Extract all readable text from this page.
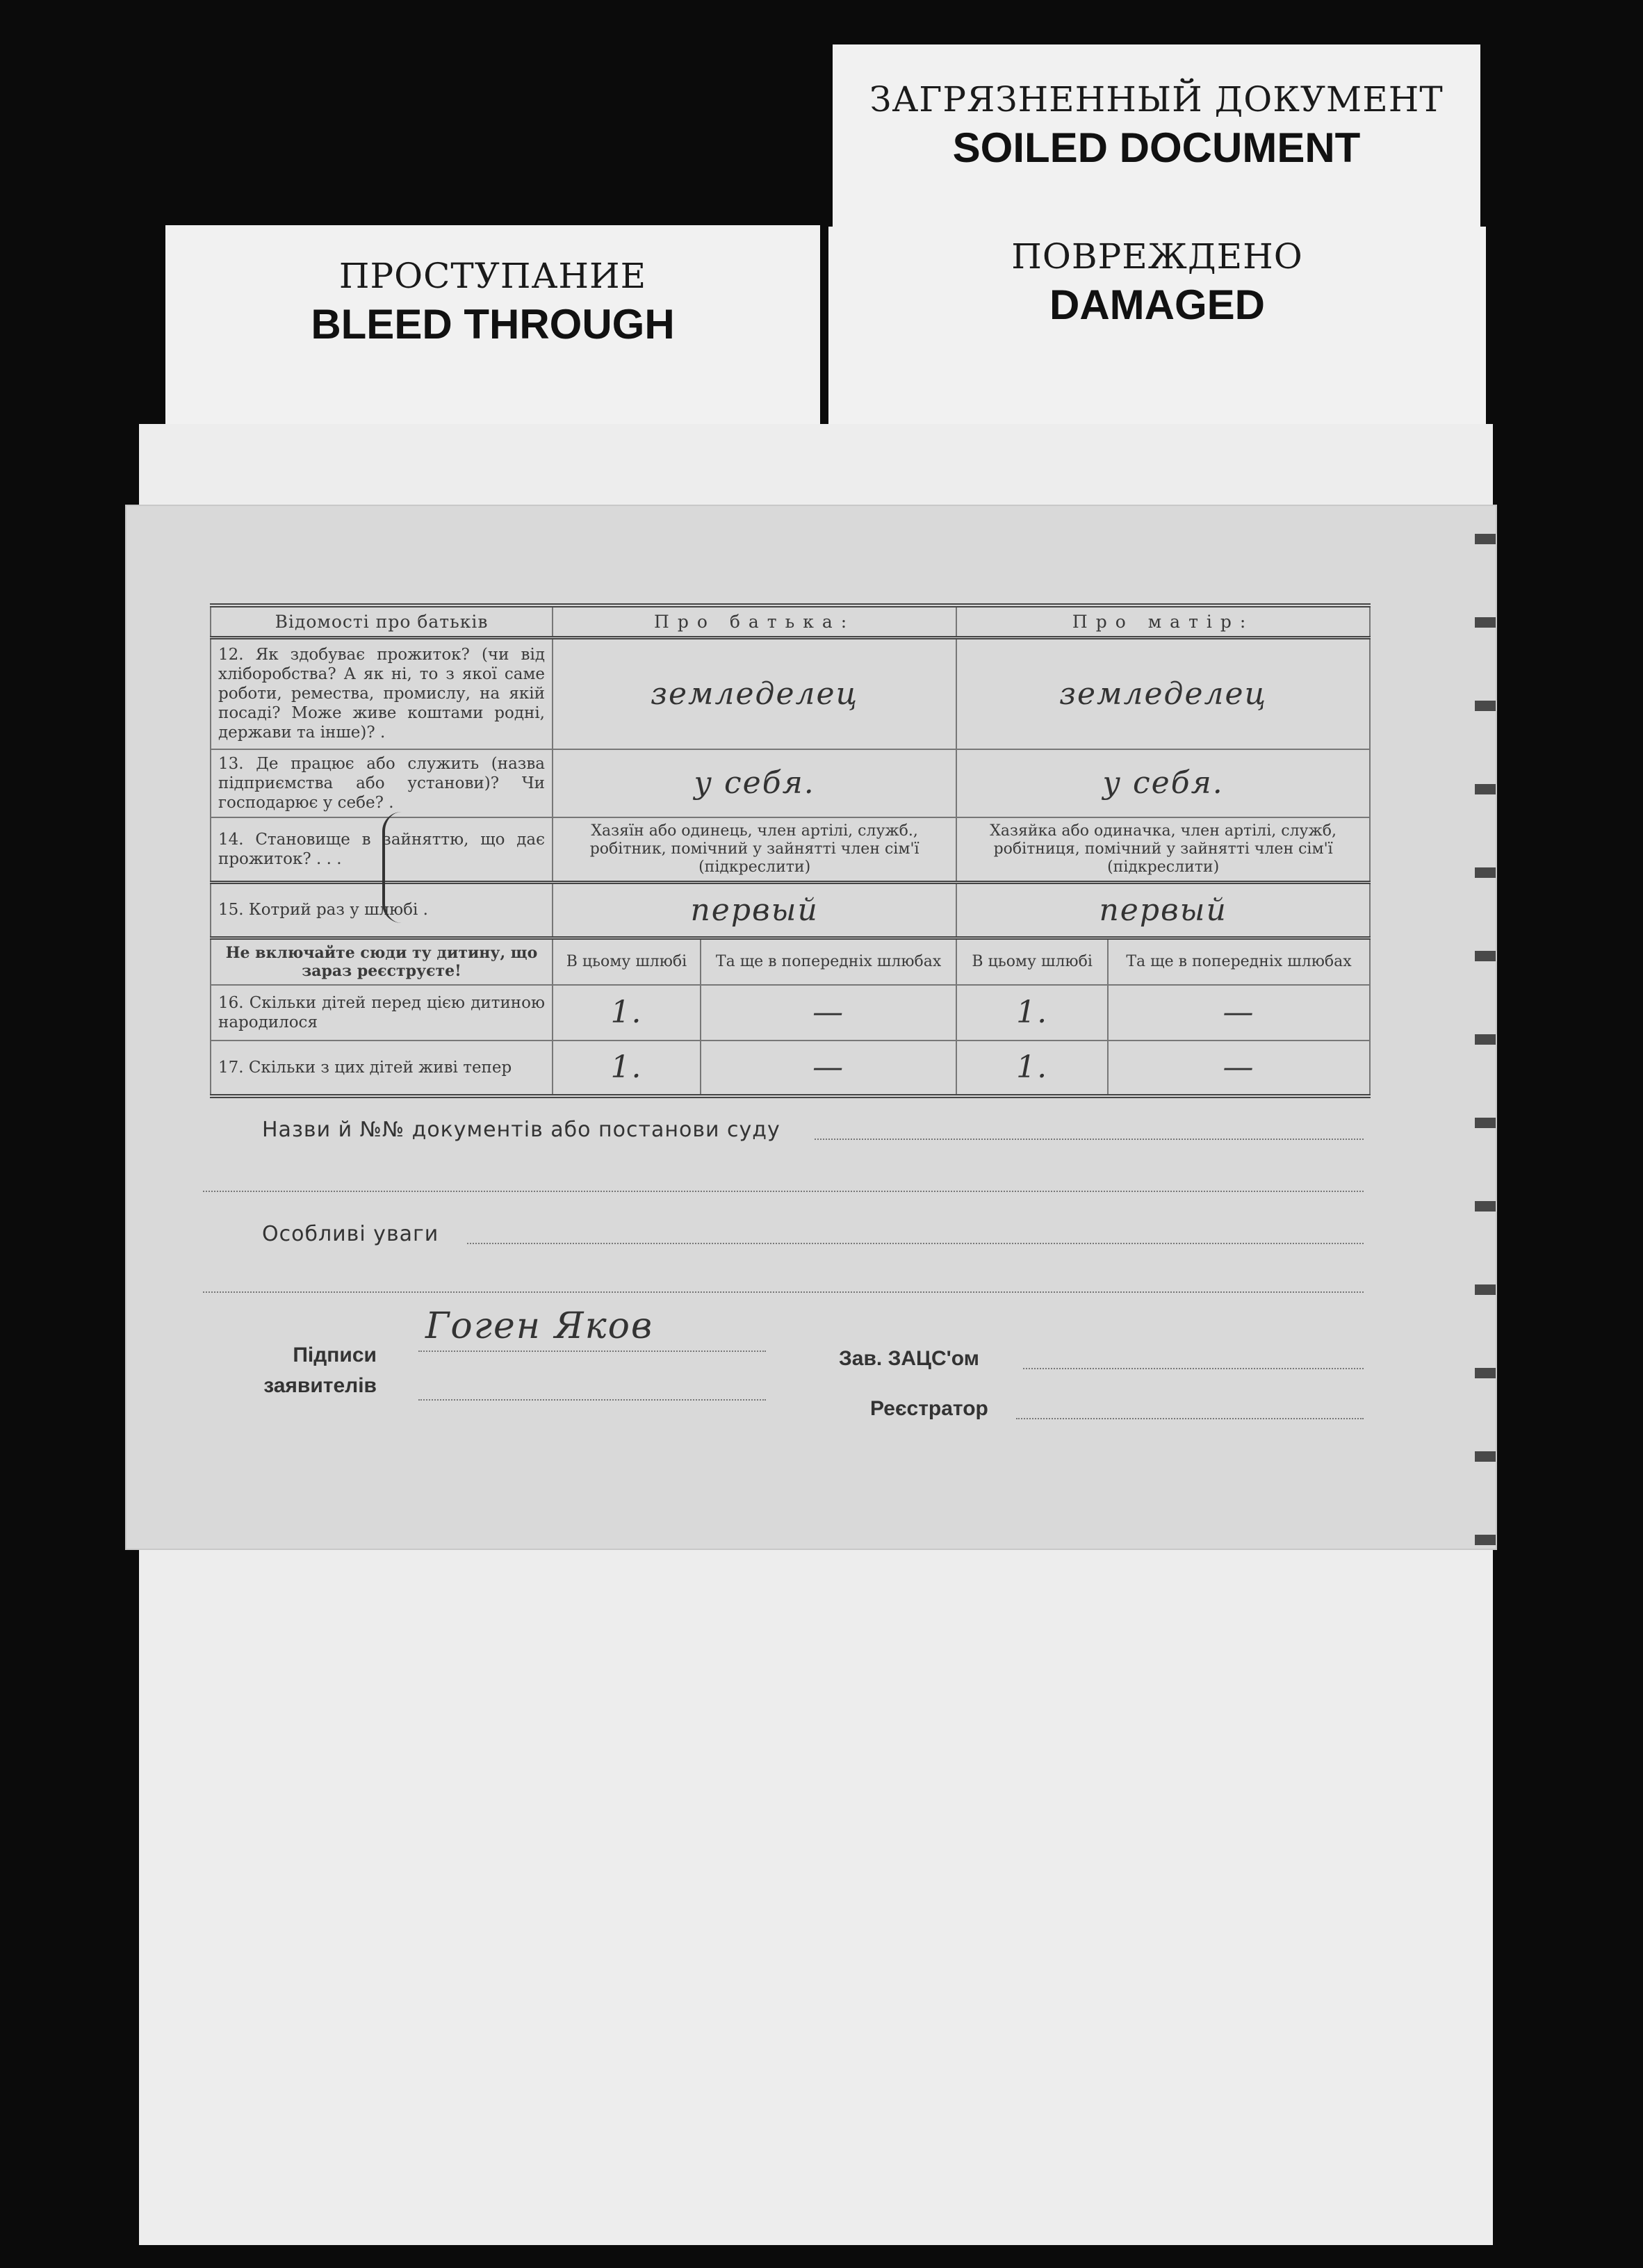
ЗАГРЯЗНЕННЫЙ ДОКУМЕНТ
SOILED DOCUMENT
ПРОСТУПАНИЕ
BLEED THROUGH
ПОВРЕЖДЕНО
DAMAGED
Відомості про батьків	Про батька:		Про матір:	
12. Як здобуває прожиток? (чи від хліборобства? А як ні, то з якої саме роботи, ремества, промислу, на якій посаді? Може живе коштами родні, держави та інше)? .	земледелец		земледелец	
13. Де працює або служить (назва підприємства або установи)? Чи господарює у себе? .	у себя.		у себя.	
14. Становище в зайняттю, що дає прожиток? . . .	Хазяїн або одинець, член артілі, служб., робітник, помічний у зайнятті член сім'ї (підкреслити)		Хазяйка або одиначка, член артілі, служб, робітниця, помічний у зайнятті член сім'ї (підкреслити)	
15. Котрий раз у шлюбі .	первый		первый	
Не включайте сюди ту дитину, що зараз реєструєте!	В цьому шлюбі	Та ще в попередніх шлюбах	В цьому шлюбі	Та ще в попередніх шлюбах
16. Скільки дітей перед цією дитиною народилося	1.	—	1.	—
17. Скільки з цих дітей живі тепер	1.	—	1.	—
Назви й №№ документів або постанови суду
Особливі уваги
Підписи заявителів
Гоген Яков
Зав. ЗАЦС'ом
Реєстратор
